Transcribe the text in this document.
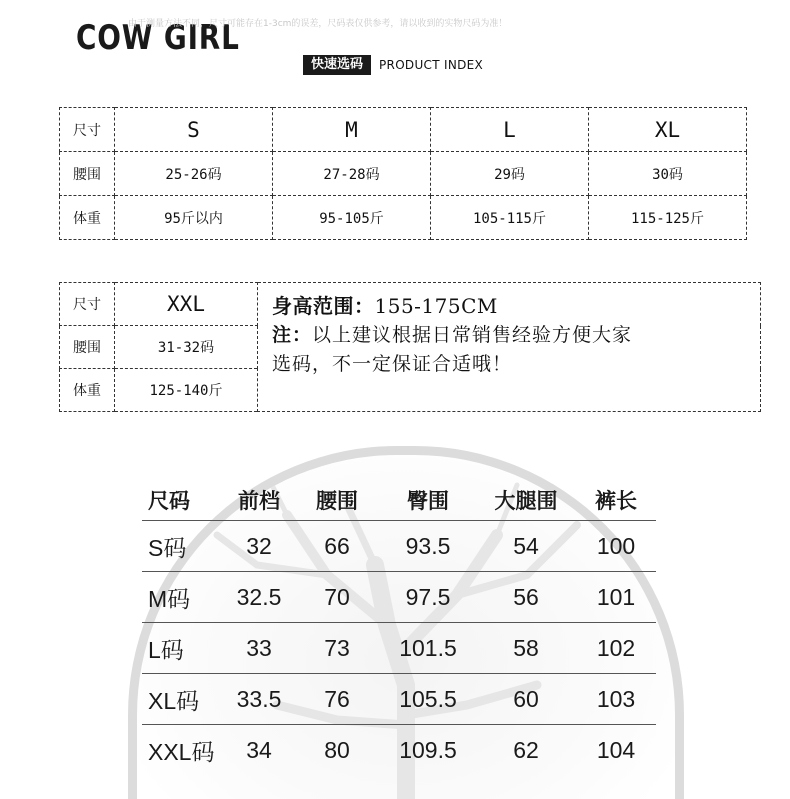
COW GIRL
由于测量方法不同，尺寸可能存在1-3cm的误差，尺码表仅供参考，请以收到的实物尺码为准！
快速选码	PRODUCT INDEX
尺寸	S	M	L	XL
腰围	25-26码	27-28码	29码	30码
体重	95斤以内	95-105斤	105-115斤	115-125斤
尺寸	XXL	身高范围：155-175CM
注：以上建议根据日常销售经验方便大家
选码，不一定保证合适哦！

腰围	31-32码	
体重	125-140斤	
尺码	前档	腰围	臀围	大腿围	裤长
S码	32	66	93.5	54	100
M码	32.5	70	97.5	56	101
L码	33	73	101.5	58	102
XL码	33.5	76	105.5	60	103
XXL码	34	80	109.5	62	104
